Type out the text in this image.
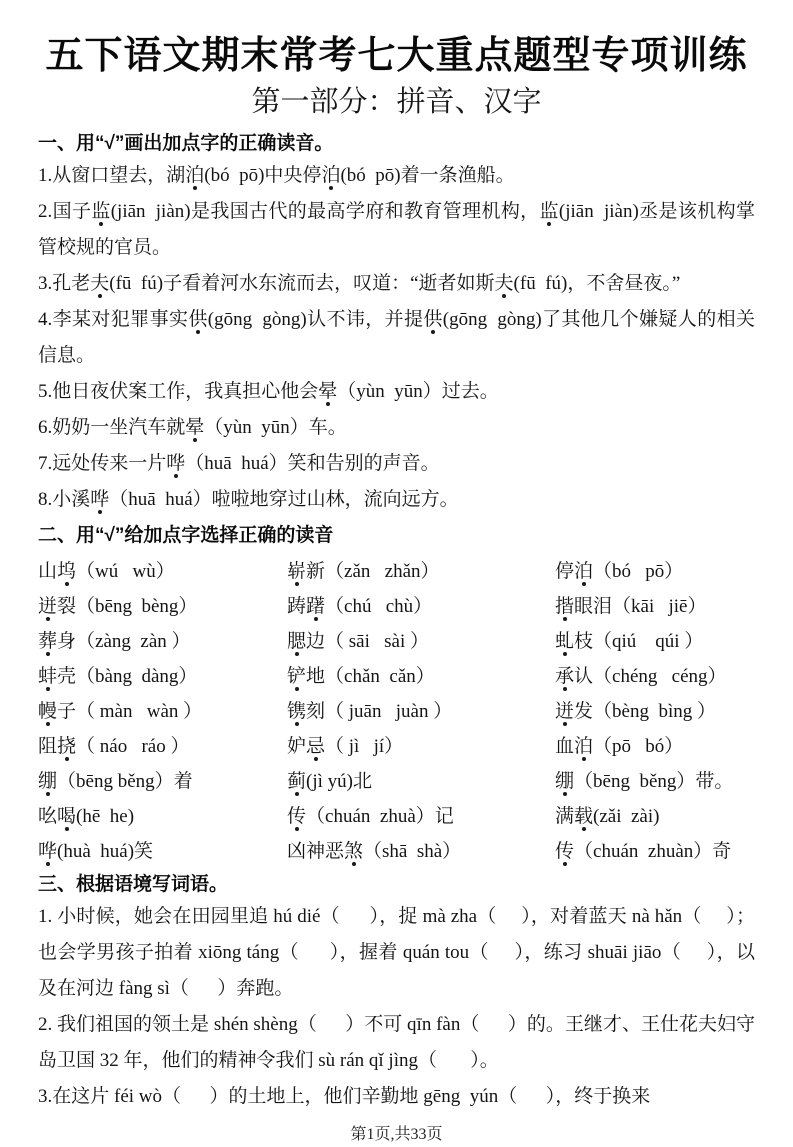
五下语文期末常考七大重点题型专项训练
第一部分：拼音、汉字
一、用“√”画出加点字的正确读音。
1.从窗口望去，湖泊(bó  pō)中央停泊(bó  pō)着一条渔船。
2.国子监(jiān  jiàn)是我国古代的最高学府和教育管理机构，监(jiān  jiàn)丞是该机构掌管校规的官员。
3.孔老夫(fū  fú)子看着河水东流而去，叹道：“逝者如斯夫(fū  fú)，不舍昼夜。”
4.李某对犯罪事实供(gōng  gòng)认不讳，并提供(gōng  gòng)了其他几个嫌疑人的相关信息。
5.他日夜伏案工作，我真担心他会晕（yùn  yūn）过去。
6.奶奶一坐汽车就晕（yùn  yūn）车。
7.远处传来一片哗（huā  huá）笑和告别的声音。
8.小溪哗（huā  huá）啦啦地穿过山林，流向远方。
二、用“√”给加点字选择正确的读音
山坞（wú   wù）	崭新（zǎn   zhǎn）	停泊（bó   pō）
迸裂（bēng  bèng）	踌躇（chú   chù）	揩眼泪（kāi   jiē）
葬身（zàng  zàn ）	腮边（ sāi   sài ）	虬枝（qiú    qúi ）
蚌壳（bàng  dàng）	铲地（chǎn  cǎn）	承认（chéng   céng）
幔子（ màn   wàn ）	镌刻（ juān   juàn ）	迸发（bèng  bìng ）
阻挠（ náo   ráo ）	妒忌（ jì   jí）	血泊（pō   bó）
绷（bēng běng）着	蓟(jì yú)北	绷（bēng  běng）带。
吆喝(hē  he)	传（chuán  zhuà）记	满载(zǎi  zài)
哗(huà  huá)笑	凶神恶煞（shā  shà）	传（chuán  zhuàn）奇
三、根据语境写词语。
1. 小时候，她会在田园里追 hú dié（      ），捉 mà zha（     ），对着蓝天 nà hǎn（     ）；也会学男孩子拍着 xiōng táng（      ），握着 quán tou（     ），练习 shuāi jiāo（     ），以及在河边 fàng sì（      ）奔跑。
2. 我们祖国的领土是 shén shèng（      ）不可 qīn fàn（      ）的。王继才、王仕花夫妇守岛卫国 32 年，他们的精神令我们 sù rán qǐ jìng（       ）。
3.在这片 féi wò（      ）的土地上，他们辛勤地 gēng  yún（      ），终于换来
第1页,共33页
